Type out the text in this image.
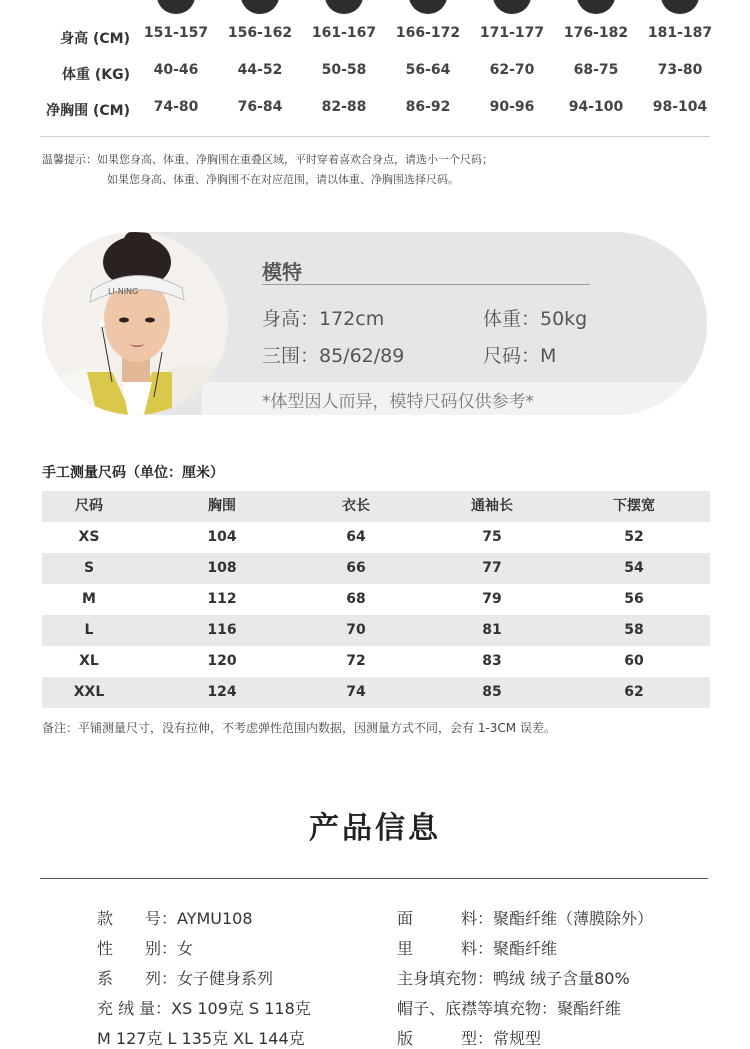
身高 (CM) 151-157	156-162	161-167	166-172	171-177	176-182	181-187
体重 (KG)	40-46	44-52	50-58	56-64	62-70	68-75	73-80
净胸围 (CM)	74-80	76-84	82-88	86-92	90-96	94-100	98-104
温馨提示：如果您身高、体重、净胸围在重叠区域，平时穿着喜欢合身点，请选小一个尺码；
如果您身高、体重、净胸围不在对应范围，请以体重、净胸围选择尺码。
LI-NING
模特
身高：172cm	体重：50kg
三围：85/62/89	尺码：M
*体型因人而异，模特尺码仅供参考*
手工测量尺码（单位：厘米）
尺码	胸围	衣长	通袖长	下摆宽
XS	104	64	75	52
S	108	66	77	54
M	112	68	79	56
L	116	70	81	58
XL	120	72	83	60
XXL	124	74	85	62
备注：平铺测量尺寸，没有拉伸，不考虑弹性范围内数据，因测量方式不同，会有 1-3CM 误差。
产品信息
款　　号：AYMU108
性　　别：女
系　　列：女子健身系列
充 绒 量：XS 109克 S 118克
M 127克 L 135克 XL 144克
面　　　料：聚酯纤维（薄膜除外）
里　　　料：聚酯纤维
主身填充物：鸭绒 绒子含量80%
帽子、底襟等填充物：聚酯纤维
版　　　型：常规型
